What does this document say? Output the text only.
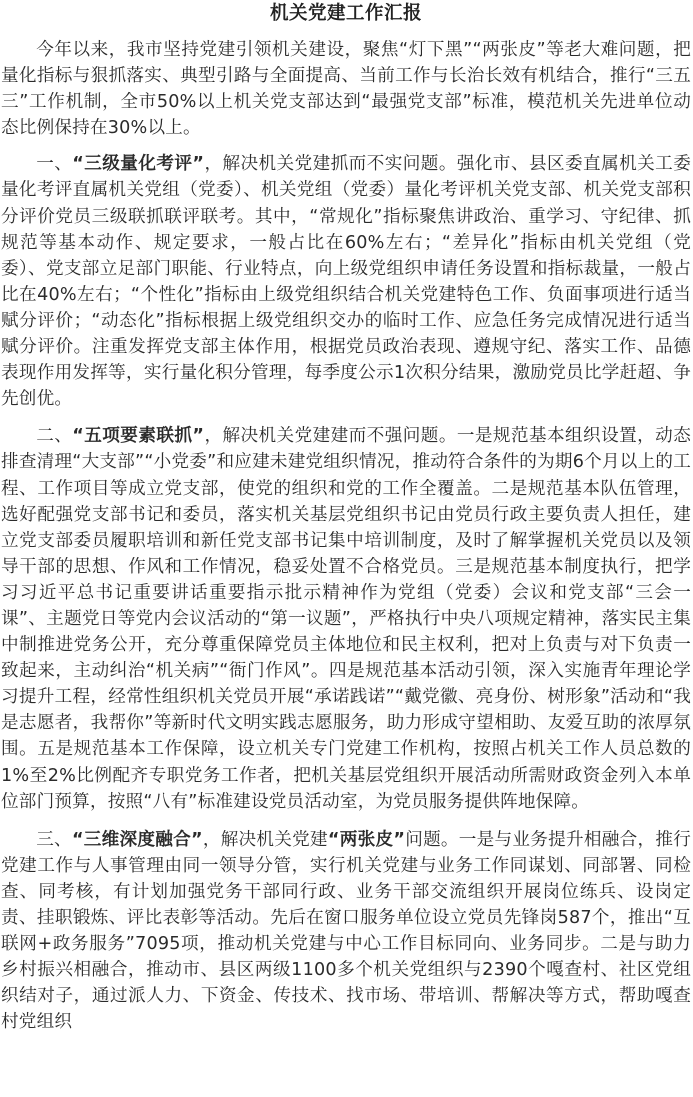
机关党建工作汇报

今年以来，我市坚持党建引领机关建设，聚焦“灯下黑”“两张皮”等老大难问题，把量化指标与狠抓落实、典型引路与全面提高、当前工作与长治长效有机结合，推行“三五三”工作机制，全市50%以上机关党支部达到“最强党支部”标准，模范机关先进单位动态比例保持在30%以上。

一、“三级量化考评”，解决机关党建抓而不实问题。强化市、县区委直属机关工委量化考评直属机关党组（党委）、机关党组（党委）量化考评机关党支部、机关党支部积分评价党员三级联抓联评联考。其中，“常规化”指标聚焦讲政治、重学习、守纪律、抓规范等基本动作、规定要求，一般占比在60%左右；“差异化”指标由机关党组（党委）、党支部立足部门职能、行业特点，向上级党组织申请任务设置和指标裁量，一般占比在40%左右；“个性化”指标由上级党组织结合机关党建特色工作、负面事项进行适当赋分评价；“动态化”指标根据上级党组织交办的临时工作、应急任务完成情况进行适当赋分评价。注重发挥党支部主体作用，根据党员政治表现、遵规守纪、落实工作、品德表现作用发挥等，实行量化积分管理，每季度公示1次积分结果，激励党员比学赶超、争先创优。

二、“五项要素联抓”，解决机关党建建而不强问题。一是规范基本组织设置，动态排查清理“大支部”“小党委”和应建未建党组织情况，推动符合条件的为期6个月以上的工程、工作项目等成立党支部，使党的组织和党的工作全覆盖。二是规范基本队伍管理，选好配强党支部书记和委员，落实机关基层党组织书记由党员行政主要负责人担任，建立党支部委员履职培训和新任党支部书记集中培训制度，及时了解掌握机关党员以及领导干部的思想、作风和工作情况，稳妥处置不合格党员。三是规范基本制度执行，把学习习近平总书记重要讲话重要指示批示精神作为党组（党委）会议和党支部“三会一课”、主题党日等党内会议活动的“第一议题”，严格执行中央八项规定精神，落实民主集中制推进党务公开，充分尊重保障党员主体地位和民主权利，把对上负责与对下负责一致起来，主动纠治“机关病”“衙门作风”。四是规范基本活动引领，深入实施青年理论学习提升工程，经常性组织机关党员开展“承诺践诺”“戴党徽、亮身份、树形象”活动和“我是志愿者，我帮你”等新时代文明实践志愿服务，助力形成守望相助、友爱互助的浓厚氛围。五是规范基本工作保障，设立机关专门党建工作机构，按照占机关工作人员总数的1%至2%比例配齐专职党务工作者，把机关基层党组织开展活动所需财政资金列入本单位部门预算，按照“八有”标准建设党员活动室，为党员服务提供阵地保障。

三、“三维深度融合”，解决机关党建“两张皮”问题。一是与业务提升相融合，推行党建工作与人事管理由同一领导分管，实行机关党建与业务工作同谋划、同部署、同检查、同考核，有计划加强党务干部同行政、业务干部交流组织开展岗位练兵、设岗定责、挂职锻炼、评比表彰等活动。先后在窗口服务单位设立党员先锋岗587个，推出“互联网+政务服务”7095项，推动机关党建与中心工作目标同向、业务同步。二是与助力乡村振兴相融合，推动市、县区两级1100多个机关党组织与2390个嘎查村、社区党组织结对子，通过派人力、下资金、传技术、找市场、带培训、帮解决等方式，帮助嘎查村党组织
